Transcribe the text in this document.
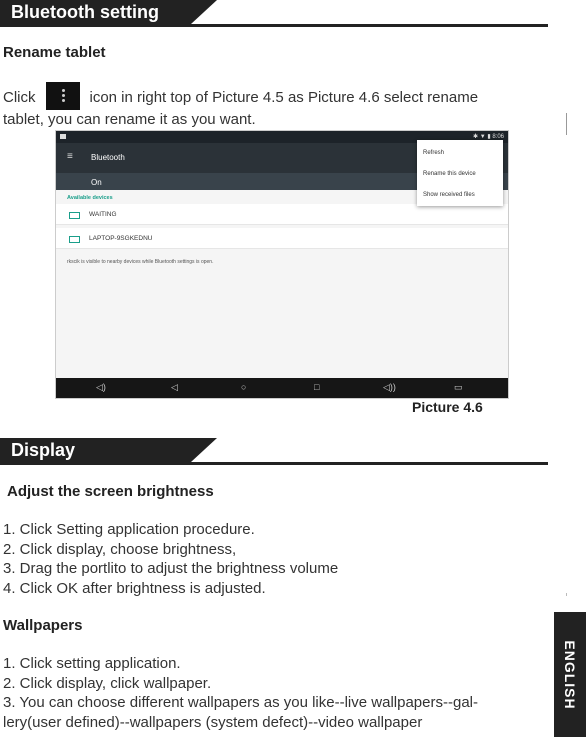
Bluetooth setting
Rename tablet
Click	icon in right top of Picture 4.5 as Picture 4.6 select rename
tablet, you can rename it as you want.
✱ ▼ ▮ 8:06
≡ Bluetooth
On
Available devices
WAITING
LAPTOP-9SGKEDNU
rkscik is visible to nearby devices while Bluetooth settings is open.
◁)	◁	○	□	◁))	▭
Refresh
Rename this device
Show received files
Picture 4.6
Display
Adjust the screen brightness
1. Click Setting application procedure.
2. Click display, choose brightness,
3. Drag the portlito to adjust the brightness volume
4. Click OK after brightness is adjusted.
Wallpapers
1. Click setting application.
2. Click display, click wallpaper.
3. You can choose different wallpapers as you like--live wallpapers--gal-
lery(user defined)--wallpapers (system defect)--video wallpaper
ENGLISH
